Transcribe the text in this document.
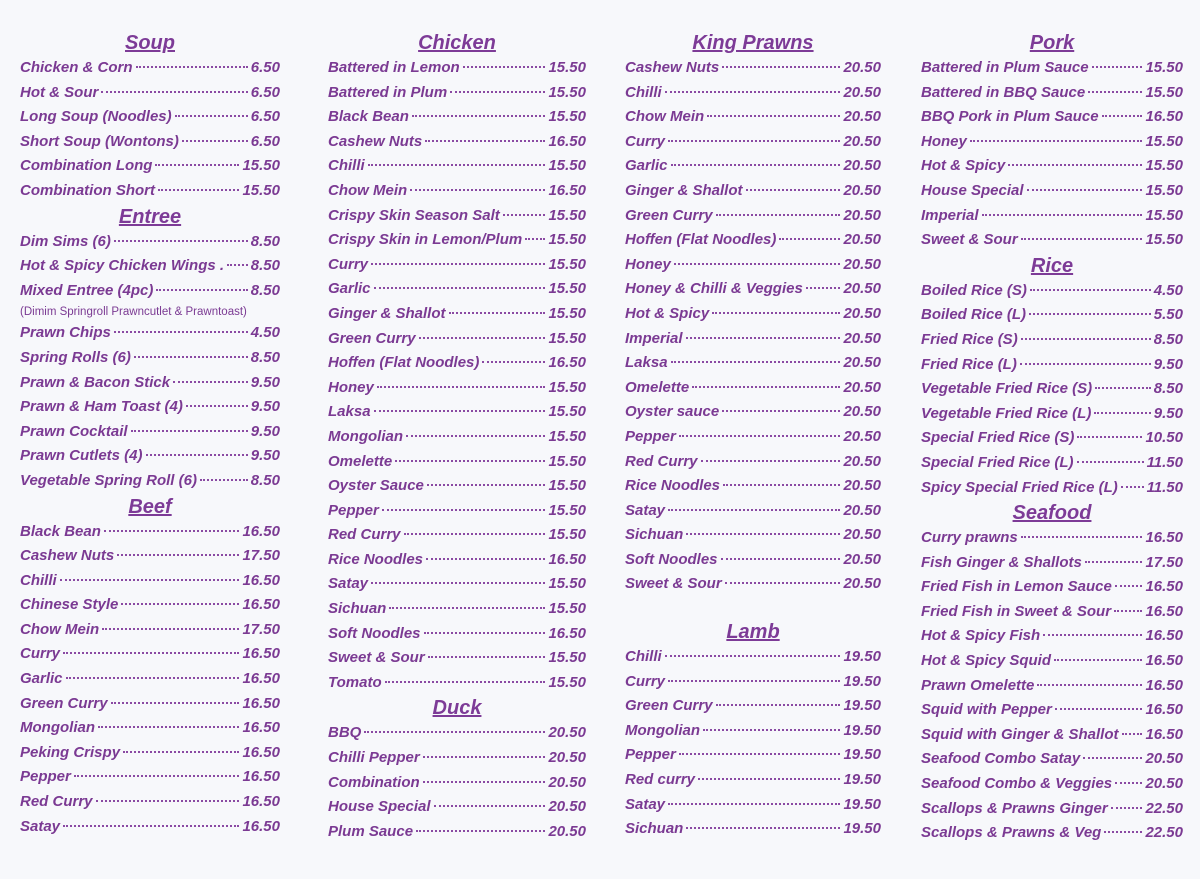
Soup
Chicken & Corn	6.50
Hot & Sour	6.50
Long Soup (Noodles)	6.50
Short Soup (Wontons)	6.50
Combination Long	15.50
Combination Short	15.50
Entree
Dim Sims (6)	8.50
Hot & Spicy Chicken Wings . 8.50
Mixed Entree (4pc)	8.50
(Dimim Springroll Prawncutlet & Prawntoast)
Prawn Chips	4.50
Spring Rolls (6)	8.50
Prawn & Bacon Stick	9.50
Prawn & Ham Toast (4)	9.50
Prawn Cocktail	9.50
Prawn Cutlets (4)	9.50
Vegetable Spring Roll (6)	8.50
Beef
Black Bean	16.50
Cashew Nuts	17.50
Chilli	16.50
Chinese Style	16.50
Chow Mein	17.50
Curry	16.50
Garlic	16.50
Green Curry	16.50
Mongolian	16.50
Peking Crispy	16.50
Pepper	16.50
Red Curry	16.50
Satay	16.50
Chicken
Battered in Lemon	15.50
Battered in Plum	15.50
Black Bean	15.50
Cashew Nuts	16.50
Chilli	15.50
Chow Mein	16.50
Crispy Skin Season Salt	15.50
Crispy Skin in Lemon/Plum 15.50
Curry	15.50
Garlic	15.50
Ginger & Shallot	15.50
Green Curry	15.50
Hoffen (Flat Noodles)	16.50
Honey	15.50
Laksa	15.50
Mongolian	15.50
Omelette	15.50
Oyster Sauce	15.50
Pepper	15.50
Red Curry	15.50
Rice Noodles	16.50
Satay	15.50
Sichuan	15.50
Soft Noodles	16.50
Sweet & Sour	15.50
Tomato	15.50
Duck
BBQ	20.50
Chilli Pepper	20.50
Combination	20.50
House Special	20.50
Plum Sauce	20.50
King Prawns
Cashew Nuts	20.50
Chilli	20.50
Chow Mein	20.50
Curry	20.50
Garlic	20.50
Ginger & Shallot	20.50
Green Curry	20.50
Hoffen (Flat Noodles)	20.50
Honey	20.50
Honey & Chilli & Veggies	20.50
Hot & Spicy	20.50
Imperial	20.50
Laksa	20.50
Omelette	20.50
Oyster sauce	20.50
Pepper	20.50
Red Curry	20.50
Rice Noodles	20.50
Satay	20.50
Sichuan	20.50
Soft Noodles	20.50
Sweet & Sour	20.50
Lamb
Chilli	19.50
Curry	19.50
Green Curry	19.50
Mongolian	19.50
Pepper	19.50
Red curry	19.50
Satay	19.50
Sichuan	19.50
Pork
Battered in Plum Sauce	15.50
Battered in BBQ Sauce	15.50
BBQ Pork in Plum Sauce	16.50
Honey	15.50
Hot & Spicy	15.50
House Special	15.50
Imperial	15.50
Sweet & Sour	15.50
Rice
Boiled Rice (S)	4.50
Boiled Rice (L)	5.50
Fried Rice (S)	8.50
Fried Rice (L)	9.50
Vegetable Fried Rice (S)	8.50
Vegetable Fried Rice (L)	9.50
Special Fried Rice (S)	10.50
Special Fried Rice (L)	11.50
Spicy Special Fried Rice (L) 11.50
Seafood
Curry prawns	16.50
Fish Ginger & Shallots	17.50
Fried Fish in Lemon Sauce 16.50
Fried Fish in Sweet & Sour 16.50
Hot & Spicy Fish	16.50
Hot & Spicy Squid	16.50
Prawn Omelette	16.50
Squid with Pepper	16.50
Squid with Ginger & Shallot 16.50
Seafood Combo Satay	20.50
Seafood Combo & Veggies 20.50
Scallops & Prawns Ginger	22.50
Scallops & Prawns & Veg	22.50
